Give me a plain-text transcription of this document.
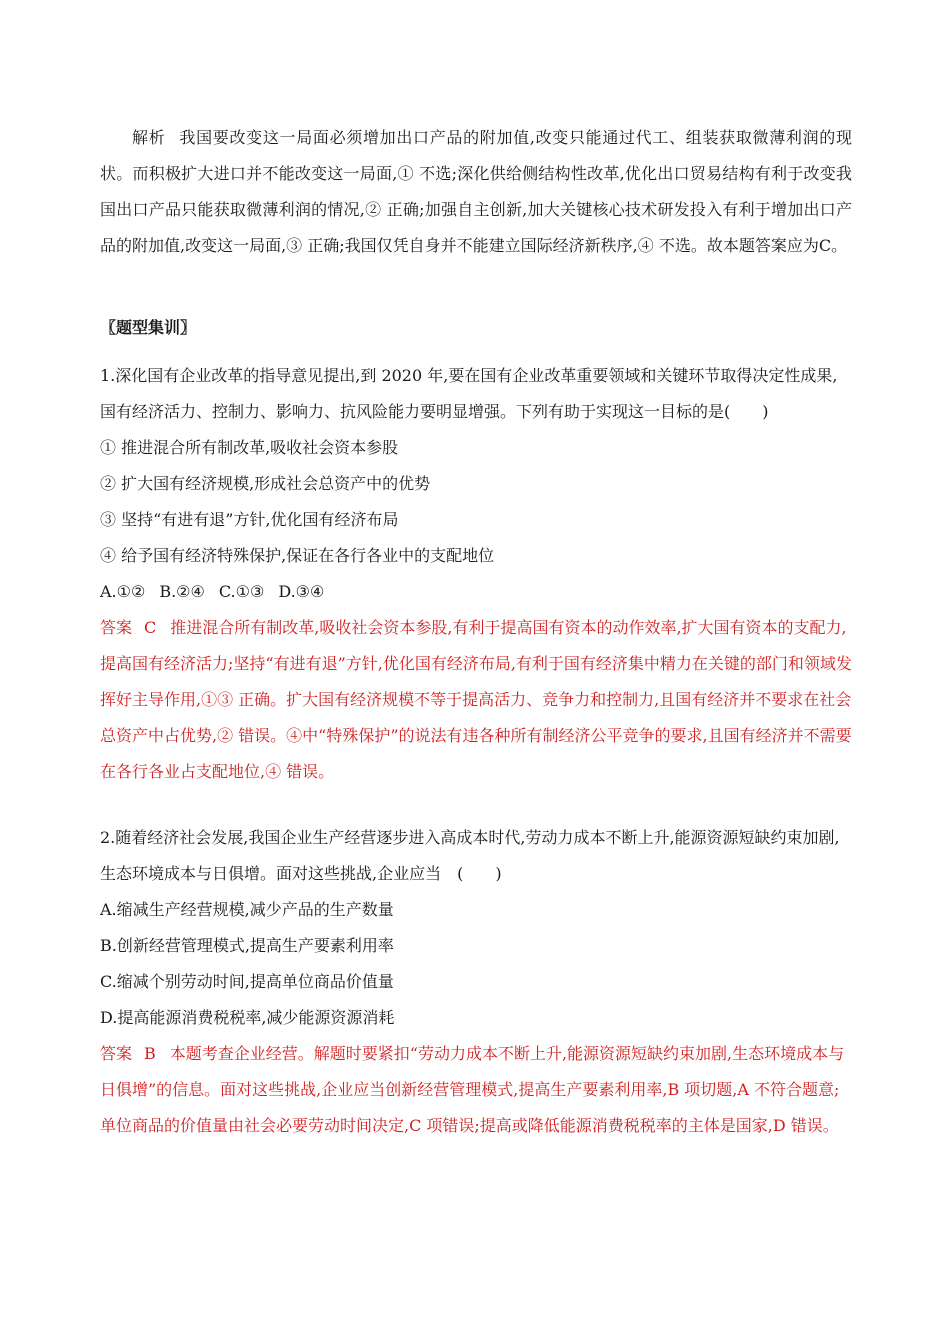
解析 我国要改变这一局面必须增加出口产品的附加值,改变只能通过代工、组装获取微薄利润的现状。而积极扩大进口并不能改变这一局面,① 不选;深化供给侧结构性改革,优化出口贸易结构有利于改变我国出口产品只能获取微薄利润的情况,② 正确;加强自主创新,加大关键核心技术研发投入有利于增加出口产品的附加值,改变这一局面,③ 正确;我国仅凭自身并不能建立国际经济新秩序,④ 不选。故本题答案应为C。

〖题型集训〗

1.深化国有企业改革的指导意见提出,到 2020 年,要在国有企业改革重要领域和关键环节取得决定性成果,国有经济活力、控制力、影响力、抗风险能力要明显增强。下列有助于实现这一目标的是(　　)

① 推进混合所有制改革,吸收社会资本参股

② 扩大国有经济规模,形成社会总资产中的优势

③ 坚持“有进有退”方针,优化国有经济布局

④ 给予国有经济特殊保护,保证在各行各业中的支配地位

A.①② B.②④ C.①③ D.③④

答案 C 推进混合所有制改革,吸收社会资本参股,有利于提高国有资本的动作效率,扩大国有资本的支配力,提高国有经济活力;坚持“有进有退”方针,优化国有经济布局,有利于国有经济集中精力在关键的部门和领域发挥好主导作用,①③ 正确。扩大国有经济规模不等于提高活力、竞争力和控制力,且国有经济并不要求在社会总资产中占优势,② 错误。④中“特殊保护”的说法有违各种所有制经济公平竞争的要求,且国有经济并不需要在各行各业占支配地位,④ 错误。

2.随着经济社会发展,我国企业生产经营逐步进入高成本时代,劳动力成本不断上升,能源资源短缺约束加剧,生态环境成本与日俱增。面对这些挑战,企业应当　(　　)

A.缩减生产经营规模,减少产品的生产数量

B.创新经营管理模式,提高生产要素利用率

C.缩减个别劳动时间,提高单位商品价值量

D.提高能源消费税税率,减少能源资源消耗

答案 B 本题考查企业经营。解题时要紧扣“劳动力成本不断上升,能源资源短缺约束加剧,生态环境成本与日俱增”的信息。面对这些挑战,企业应当创新经营管理模式,提高生产要素利用率,B 项切题,A 不符合题意;单位商品的价值量由社会必要劳动时间决定,C 项错误;提高或降低能源消费税税率的主体是国家,D 错误。
